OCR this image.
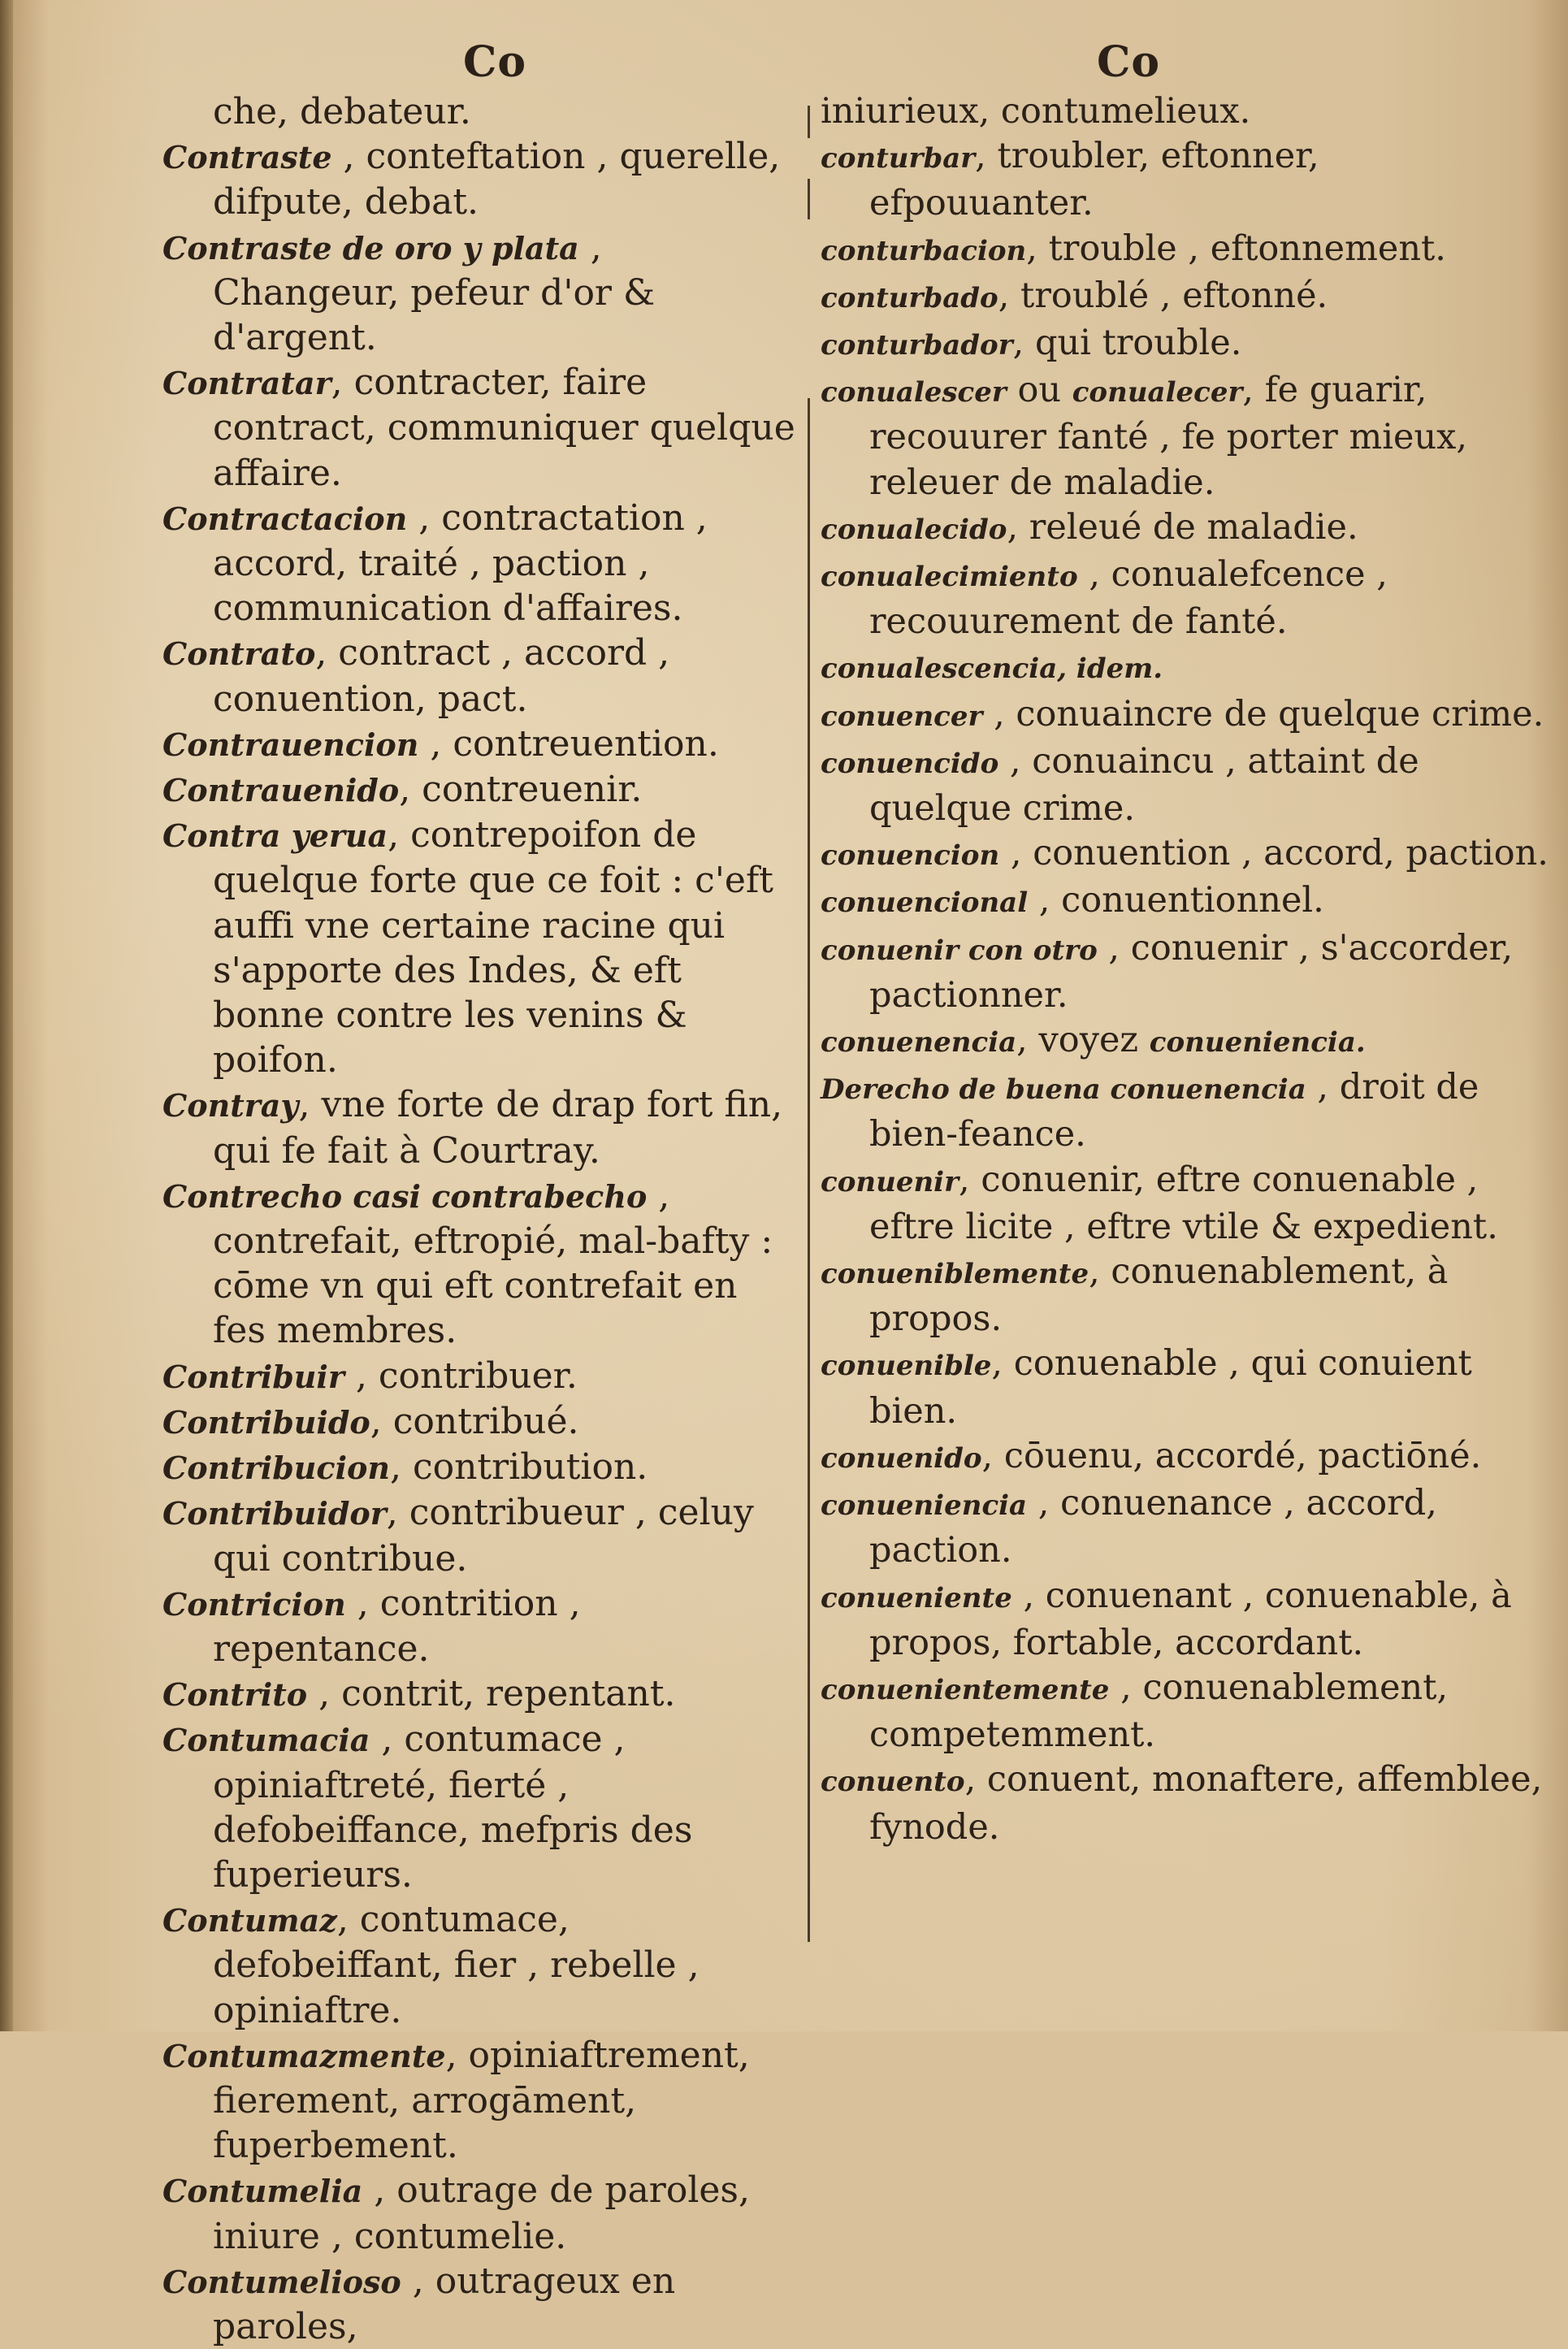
Co	Co

che, debateur.

Contraste , conteftation , querelle, difpute, debat.

Contraste de oro y plata , Changeur, pefeur d'or & d'argent.

Contratar, contracter, faire contract, communiquer quelque affaire.

Contractacion , contractation , accord, traité , paction , communication d'affaires.

Contrato, contract , accord , conuention, pact.

Contrauencion , contreuention.

Contrauenido, contreuenir.

Contra yerua, contrepoifon de quelque forte que ce foit : c'eft auffi vne certaine racine qui s'apporte des Indes, & eft bonne contre les venins & poifon.

Contray, vne forte de drap fort fin, qui fe fait à Courtray.

Contrecho casi contrabecho , contrefait, eftropié, mal-bafty : cōme vn qui eft contrefait en fes membres.

Contribuir , contribuer.

Contribuido, contribué.

Contribucion, contribution.

Contribuidor, contribueur , celuy qui contribue.

Contricion , contrition , repentance.

Contrito , contrit, repentant.

Contumacia , contumace , opiniaftreté, fierté , defobeiffance, mefpris des fuperieurs.

Contumaz, contumace, defobeiffant, fier , rebelle , opiniaftre.

Contumazmente, opiniaftrement, fierement, arrogāment, fuperbement.

Contumelia , outrage de paroles, iniure , contumelie.

Contumelioso , outrageux en paroles,

iniurieux, contumelieux.

conturbar, troubler, eftonner, efpouuanter.

conturbacion, trouble , eftonnement.

conturbado, troublé , eftonné.

conturbador, qui trouble.

conualescer ou conualecer, fe guarir, recouurer fanté , fe porter mieux, releuer de maladie.

conualecido, releué de maladie.

conualecimiento , conualefcence , recouurement de fanté.

conualescencia, idem.

conuencer , conuaincre de quelque crime.

conuencido , conuaincu , attaint de quelque crime.

conuencion , conuention , accord, paction.

conuencional , conuentionnel.

conuenir con otro , conuenir , s'accorder, pactionner.

conuenencia, voyez conueniencia.

Derecho de buena conuenencia , droit de bien-feance.

conuenir, conuenir, eftre conuenable , eftre licite , eftre vtile & expedient.

conueniblemente, conuenablement, à propos.

conuenible, conuenable , qui conuient bien.

conuenido, cōuenu, accordé, pactiōné.

conueniencia , conuenance , accord, paction.

conueniente , conuenant , conuenable, à propos, fortable, accordant.

conuenientemente , conuenablement, competemment.

conuento, conuent, monaftere, affemblee, fynode.
